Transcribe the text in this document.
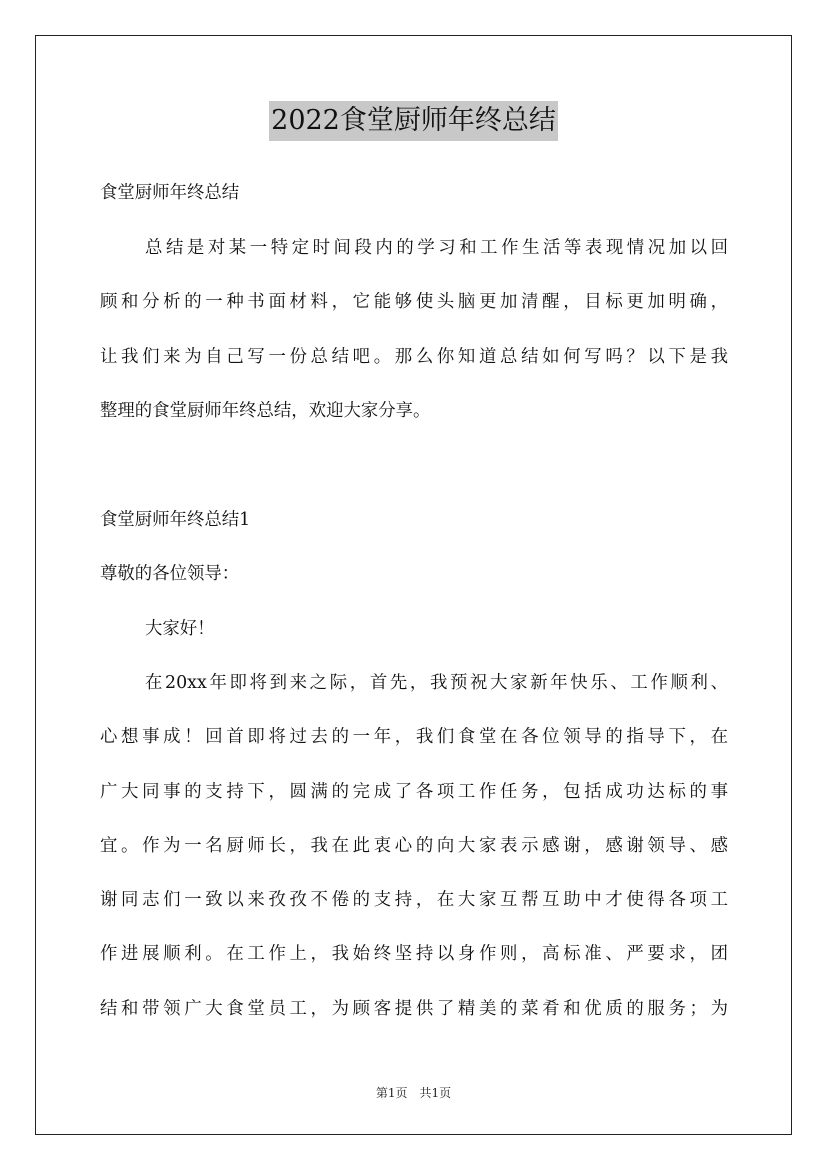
2022食堂厨师年终总结
食堂厨师年终总结
总结是对某一特定时间段内的学习和工作生活等表现情况加以回
顾和分析的一种书面材料，它能够使头脑更加清醒，目标更加明确，
让我们来为自己写一份总结吧。那么你知道总结如何写吗？以下是我
整理的食堂厨师年终总结，欢迎大家分享。
食堂厨师年终总结1
尊敬的各位领导：
大家好！
在20xx年即将到来之际，首先，我预祝大家新年快乐、工作顺利、
心想事成！回首即将过去的一年，我们食堂在各位领导的指导下，在
广大同事的支持下，圆满的完成了各项工作任务，包括成功达标的事
宜。作为一名厨师长，我在此衷心的向大家表示感谢，感谢领导、感
谢同志们一致以来孜孜不倦的支持，在大家互帮互助中才使得各项工
作进展顺利。在工作上，我始终坚持以身作则，高标准、严要求，团
结和带领广大食堂员工，为顾客提供了精美的菜肴和优质的服务；为
第1页 共1页
